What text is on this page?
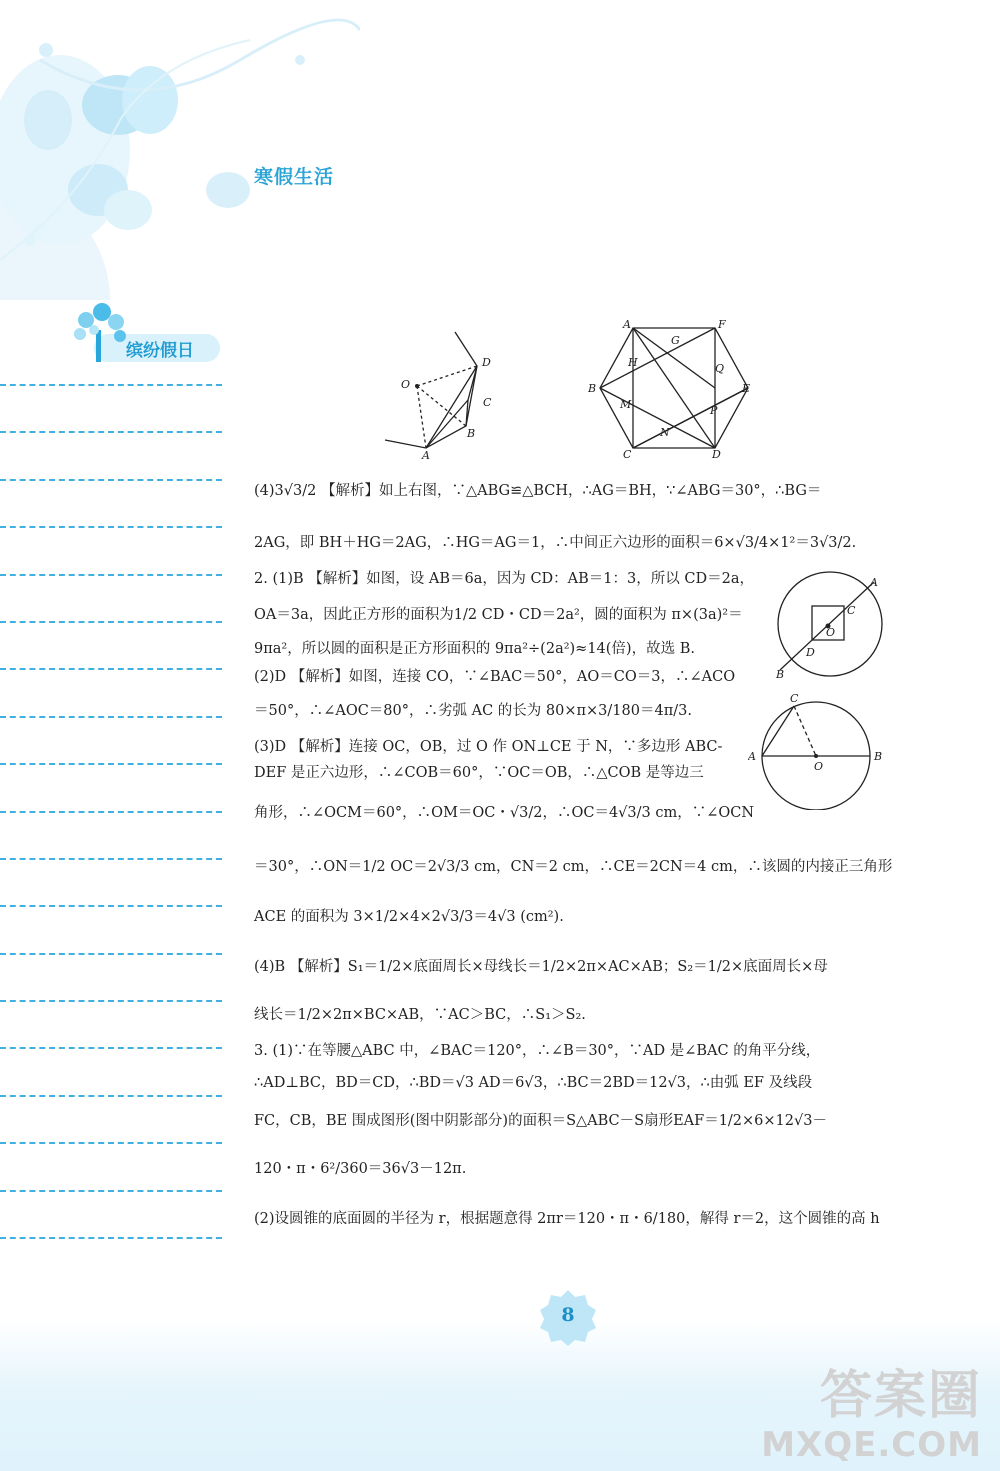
寒假生活
缤纷假日
O
D
C
B
A
A	F
G
H	Q
B	E
M	P
N
C	D
A
C
O
D
B
C
A
O
B
(4)3√3/2 【解析】如上右图，∵△ABG≌△BCH，∴AG＝BH，∵∠ABG＝30°，∴BG＝
2AG，即 BH＋HG＝2AG，∴HG＝AG＝1，∴中间正六边形的面积＝6×√3/4×1²＝3√3/2.
2. (1)B 【解析】如图，设 AB＝6a，因为 CD：AB＝1：3，所以 CD＝2a，
OA＝3a，因此正方形的面积为1/2 CD・CD＝2a²，圆的面积为 π×(3a)²＝
9πa²，所以圆的面积是正方形面积的 9πa²÷(2a²)≈14(倍)，故选 B.
(2)D 【解析】如图，连接 CO，∵∠BAC＝50°，AO＝CO＝3，∴∠ACO
＝50°，∴∠AOC＝80°，∴劣弧 AC 的长为 80×π×3/180＝4π/3.
(3)D 【解析】连接 OC，OB，过 O 作 ON⊥CE 于 N，∵多边形 ABC-
DEF 是正六边形，∴∠COB＝60°，∵OC＝OB，∴△COB 是等边三
角形，∴∠OCM＝60°，∴OM＝OC・√3/2，∴OC＝4√3/3 cm，∵∠OCN
＝30°，∴ON＝1/2 OC＝2√3/3 cm，CN＝2 cm，∴CE＝2CN＝4 cm，∴该圆的内接正三角形
ACE 的面积为 3×1/2×4×2√3/3＝4√3 (cm²).
(4)B 【解析】S₁＝1/2×底面周长×母线长＝1/2×2π×AC×AB；S₂＝1/2×底面周长×母
线长＝1/2×2π×BC×AB，∵AC＞BC，∴S₁＞S₂.
3. (1)∵在等腰△ABC 中，∠BAC＝120°，∴∠B＝30°，∵AD 是∠BAC 的角平分线，
∴AD⊥BC，BD＝CD，∴BD＝√3 AD＝6√3，∴BC＝2BD＝12√3，∴由弧 EF 及线段
FC，CB，BE 围成图形(图中阴影部分)的面积＝S△ABC－S扇形EAF＝1/2×6×12√3－
120・π・6²/360＝36√3－12π.
(2)设圆锥的底面圆的半径为 r，根据题意得 2πr＝120・π・6/180，解得 r＝2，这个圆锥的高 h
8
答案圈
MXQE.COM
